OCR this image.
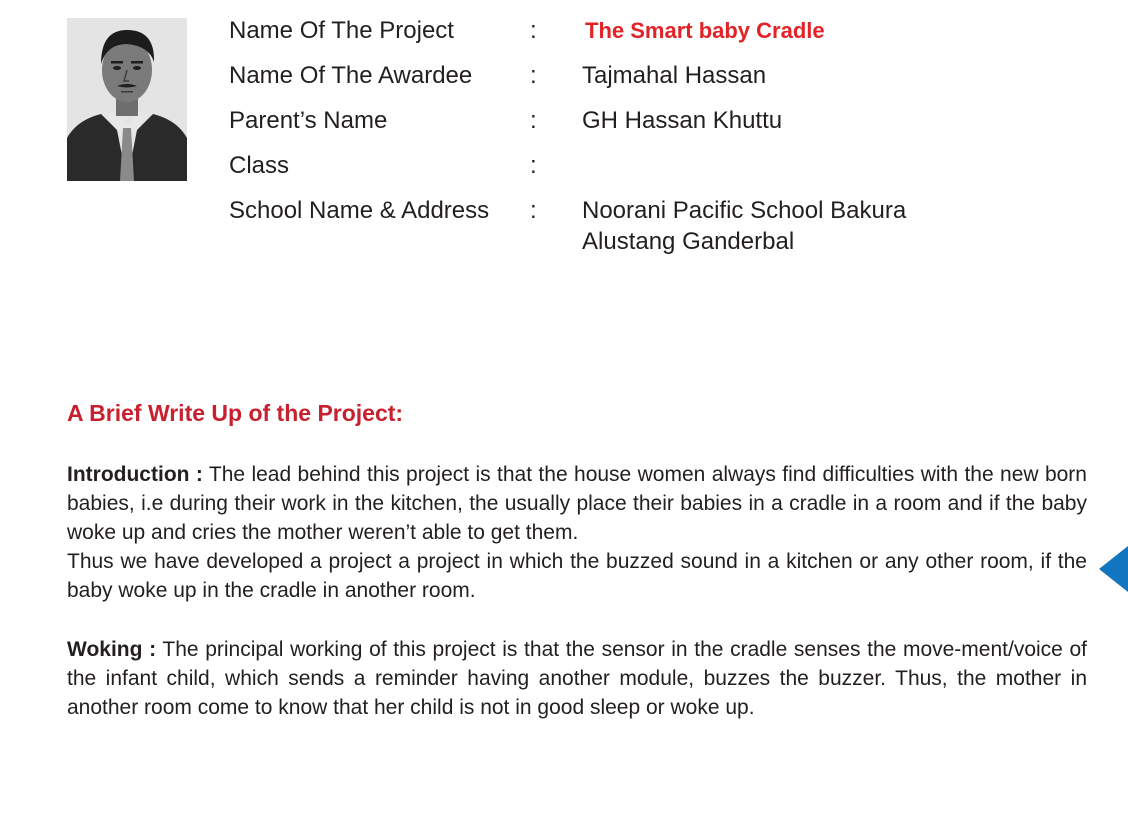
Name Of The Project	: The Smart baby Cradle
Name Of The Awardee : Tajmahal Hassan
Parent’s Name	: GH Hassan Khuttu
Class	:
School Name & Address : Noorani Pacific School Bakura
Alustang Ganderbal
A Brief Write Up of the Project:

Introduction : The lead behind this project is that the house women always find difficulties with the new born babies, i.e during their work in the kitchen, the usually place their babies in a cradle in a room and if the baby woke up and cries the mother weren’t able to get them.

Thus we have developed a project a project in which the buzzed sound in a kitchen or any other room, if the baby woke up in the cradle in another room.

Woking : The principal working of this project is that the sensor in the cradle senses the move-ment/voice of the infant child, which sends a reminder having another module, buzzes the buzzer. Thus, the mother in another room come to know that her child is not in good sleep or woke up.
